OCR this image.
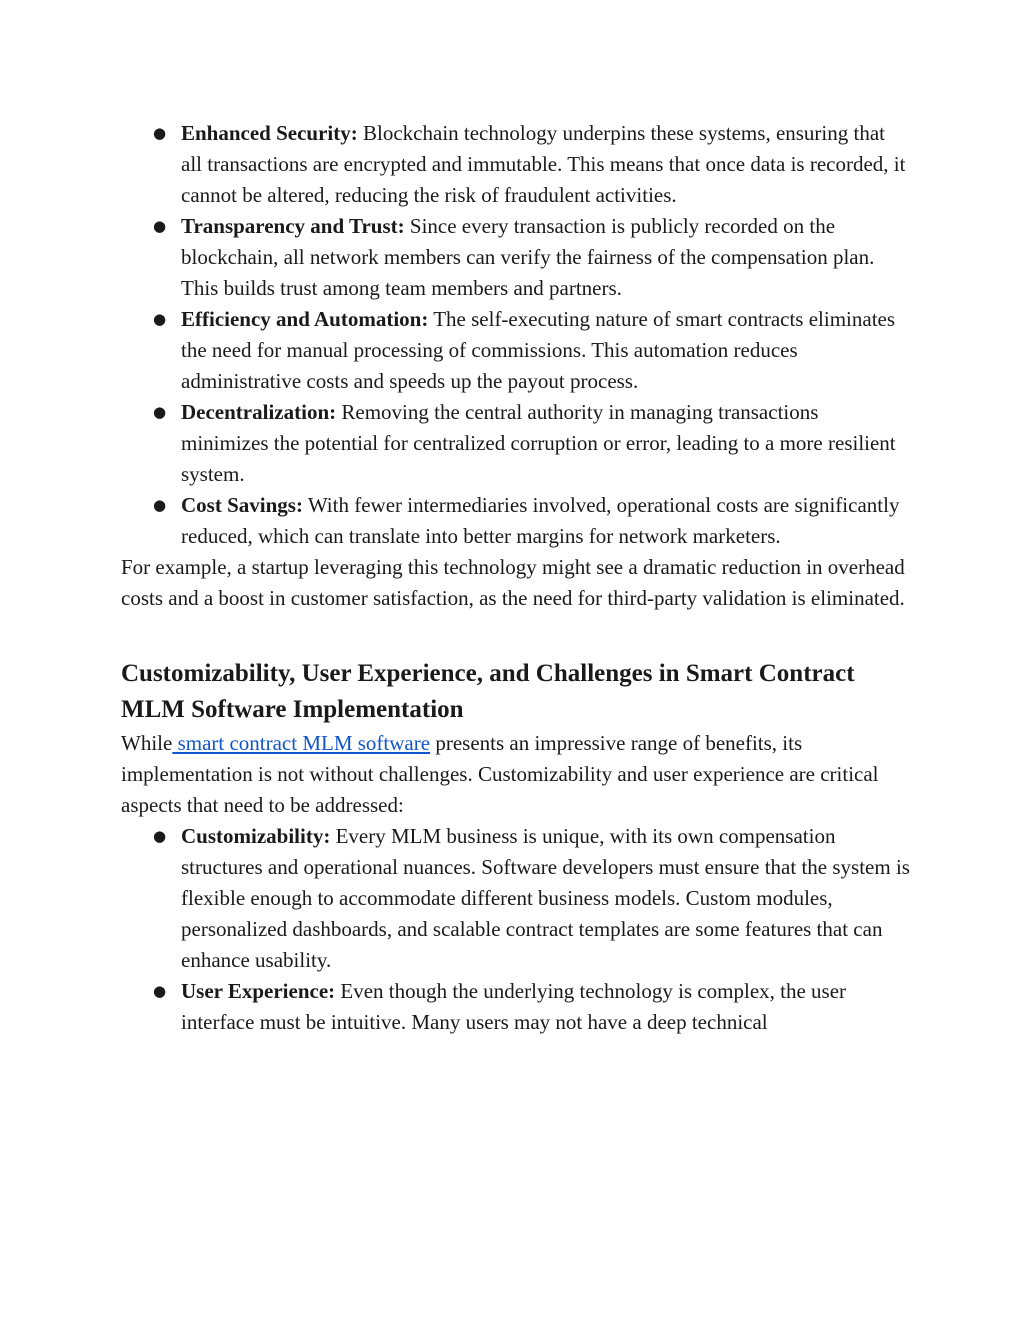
● Enhanced Security: Blockchain technology underpins these systems, ensuring that all transactions are encrypted and immutable. This means that once data is recorded, it cannot be altered, reducing the risk of fraudulent activities.
● Transparency and Trust: Since every transaction is publicly recorded on the blockchain, all network members can verify the fairness of the compensation plan. This builds trust among team members and partners.
● Efficiency and Automation: The self-executing nature of smart contracts eliminates the need for manual processing of commissions. This automation reduces administrative costs and speeds up the payout process.
● Decentralization: Removing the central authority in managing transactions minimizes the potential for centralized corruption or error, leading to a more resilient system.
● Cost Savings: With fewer intermediaries involved, operational costs are significantly reduced, which can translate into better margins for network marketers.

For example, a startup leveraging this technology might see a dramatic reduction in overhead costs and a boost in customer satisfaction, as the need for third-party validation is eliminated.

Customizability, User Experience, and Challenges in Smart Contract MLM Software Implementation

While smart contract MLM software presents an impressive range of benefits, its implementation is not without challenges. Customizability and user experience are critical aspects that need to be addressed:

● Customizability: Every MLM business is unique, with its own compensation structures and operational nuances. Software developers must ensure that the system is flexible enough to accommodate different business models. Custom modules, personalized dashboards, and scalable contract templates are some features that can enhance usability.
● User Experience: Even though the underlying technology is complex, the user interface must be intuitive. Many users may not have a deep technical
